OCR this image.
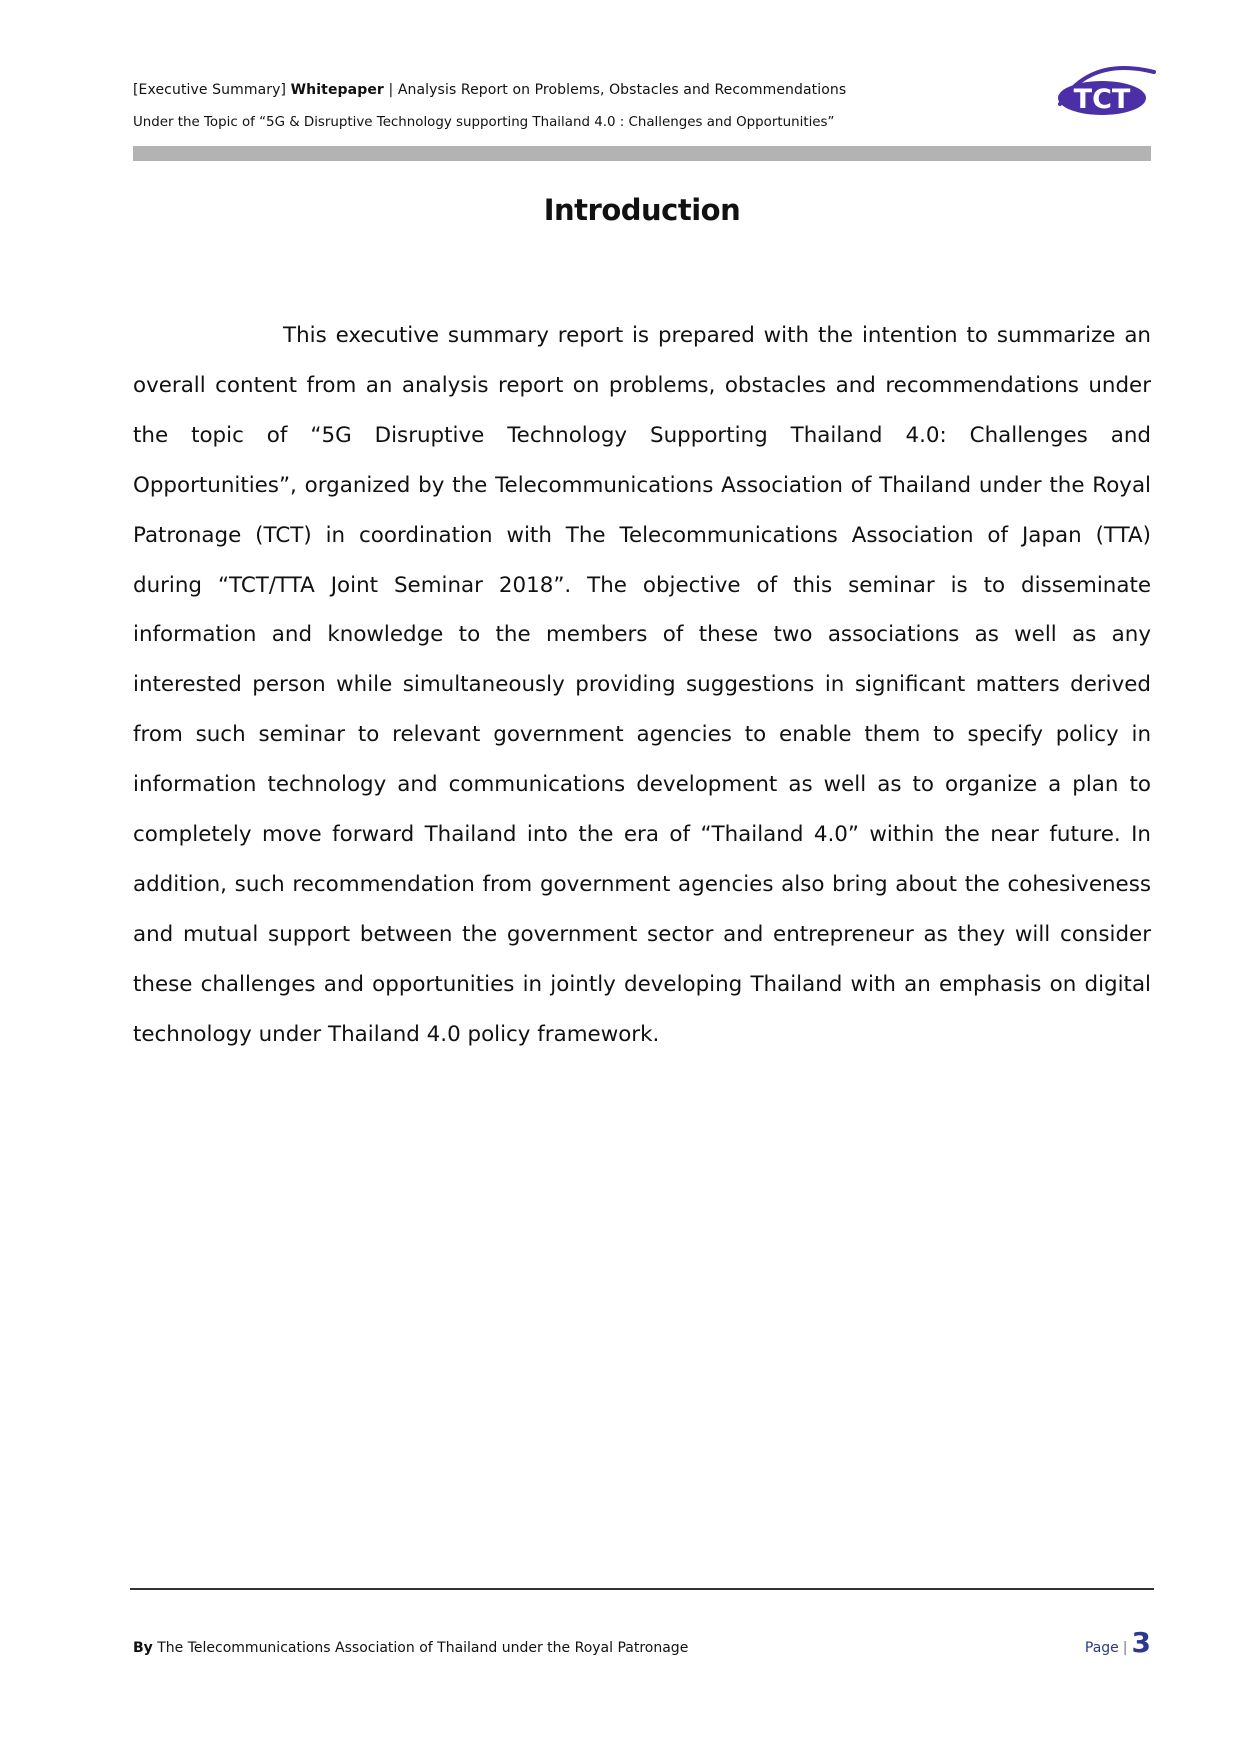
[Executive Summary] Whitepaper | Analysis Report on Problems, Obstacles and Recommendations
Under the Topic of “5G & Disruptive Technology supporting Thailand 4.0 : Challenges and Opportunities”
TCT
Introduction

This executive summary report is prepared with the intention to summarize an overall content from an analysis report on problems, obstacles and recommendations under the topic of “5G Disruptive Technology Supporting Thailand 4.0: Challenges and Opportunities”, organized by the Telecommunications Association of Thailand under the Royal Patronage (TCT) in coordination with The Telecommunications Association of Japan (TTA) during “TCT/TTA Joint Seminar 2018”. The objective of this seminar is to disseminate information and knowledge to the members of these two associations as well as any interested person while simultaneously providing suggestions in significant matters derived from such seminar to relevant government agencies to enable them to specify policy in information technology and communications development as well as to organize a plan to completely move forward Thailand into the era of “Thailand 4.0” within the near future. In addition, such recommendation from government agencies also bring about the cohesiveness and mutual support between the government sector and entrepreneur as they will consider these challenges and opportunities in jointly developing Thailand with an emphasis on digital technology under Thailand 4.0 policy framework.

By The Telecommunications Association of Thailand under the Royal Patronage	Page | 3
